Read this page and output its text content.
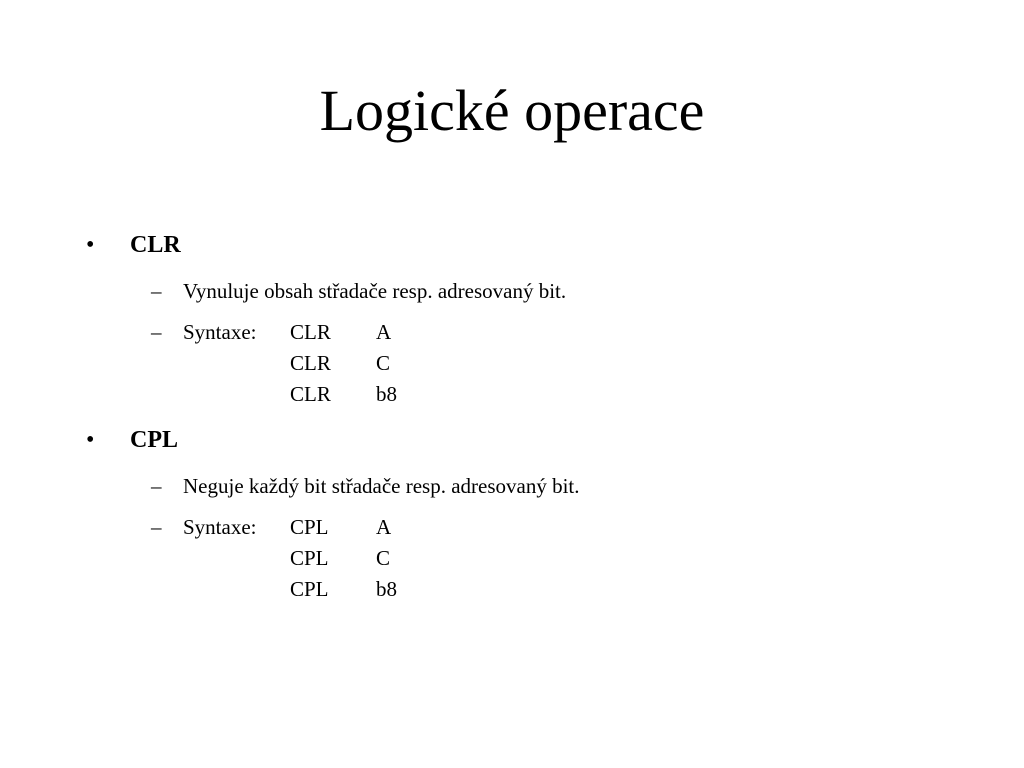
Logické operace
• CLR
– Vynuluje obsah střadače resp. adresovaný bit.
– Syntaxe: CLR A
CLR C
CLR b8
• CPL
– Neguje každý bit střadače resp. adresovaný bit.
– Syntaxe: CPL A
CPL C
CPL b8
